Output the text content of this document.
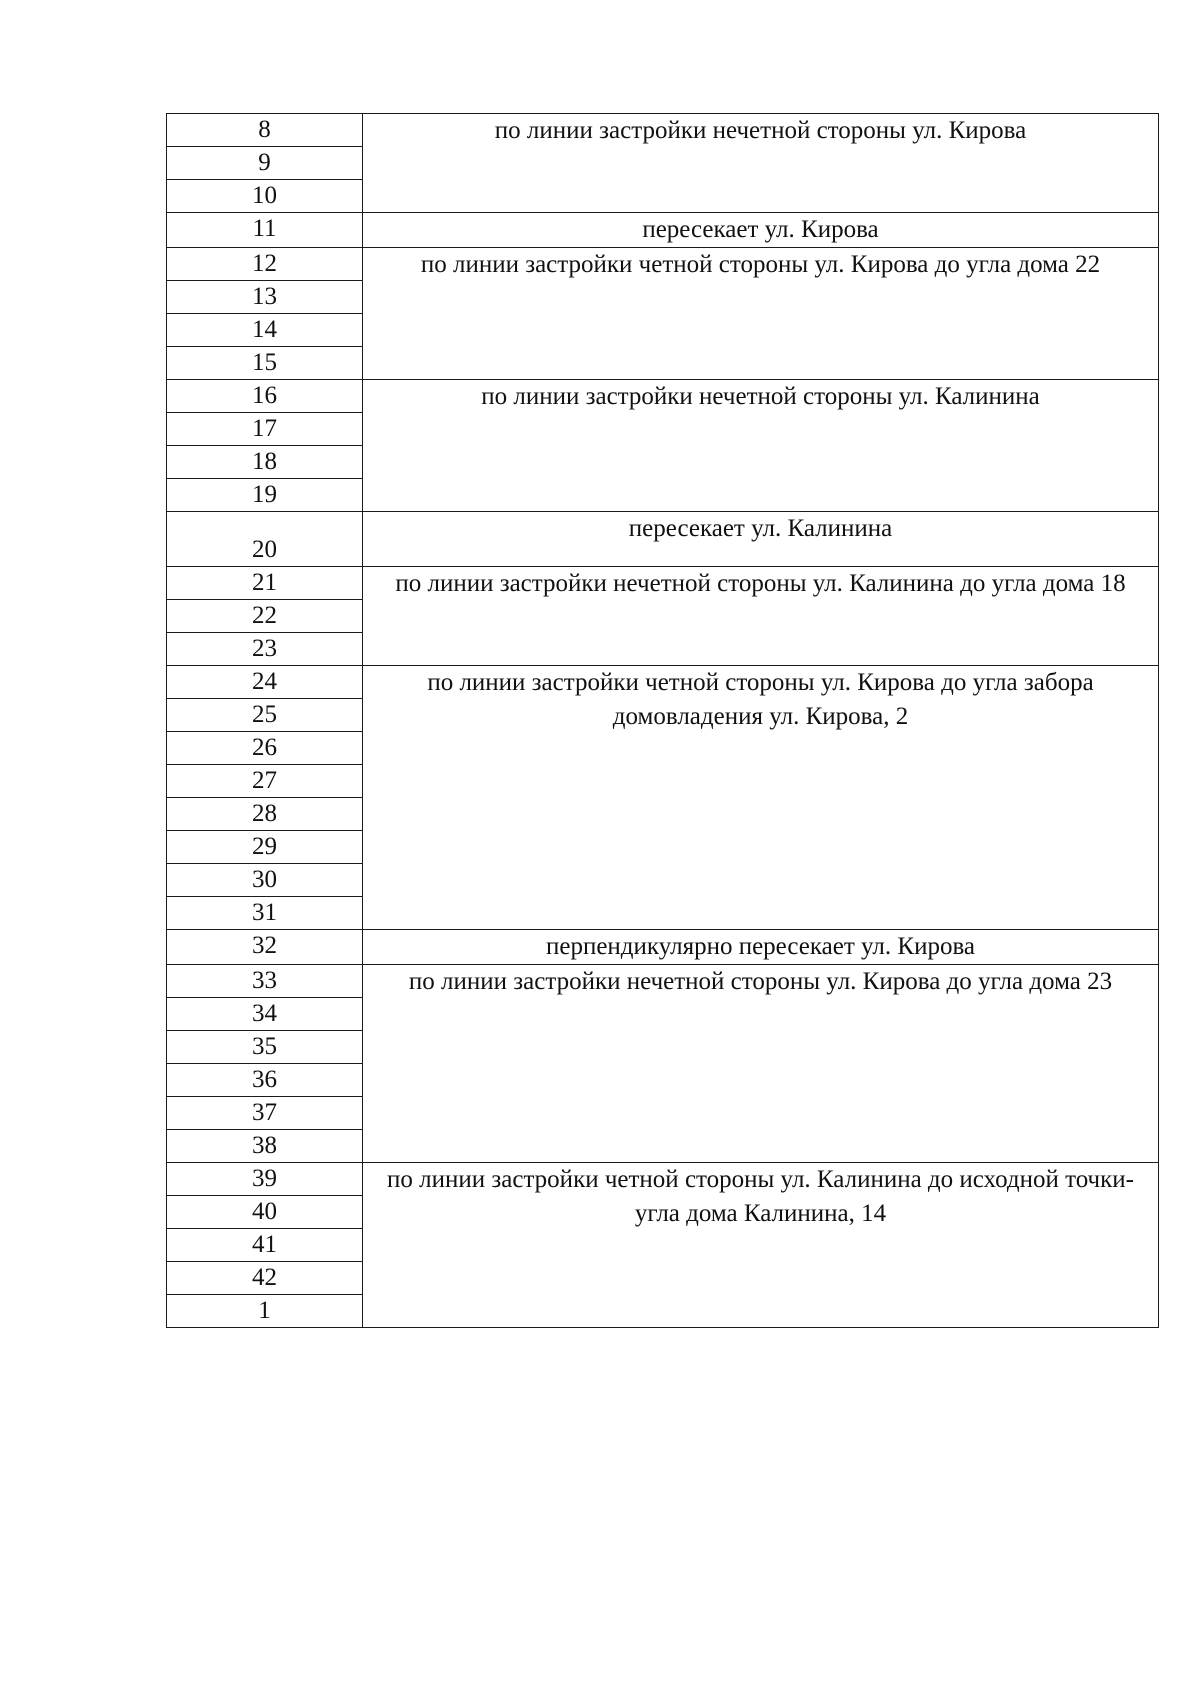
8	по линии застройки нечетной стороны ул. Кирова

9	
10	
11	пересекает ул. Кирова

12	по линии застройки четной стороны ул. Кирова до угла дома 22

13	
14	
15	
16	по линии застройки нечетной стороны ул. Калинина

17	
18	
19	
20	пересекает ул. Калинина

21	по линии застройки нечетной стороны ул. Калинина до угла дома 18

22	
23	
24	по линии застройки четной стороны ул. Кирова до угла забора домовладения ул. Кирова, 2

25	
26	
27	
28	
29	
30	
31	
32	перпендикулярно пересекает ул. Кирова

33	по линии застройки нечетной стороны ул. Кирова до угла дома 23

34	
35	
36	
37	
38	
39	по линии застройки четной стороны ул. Калинина до исходной точки-угла дома Калинина, 14

40	
41	
42	
1	
